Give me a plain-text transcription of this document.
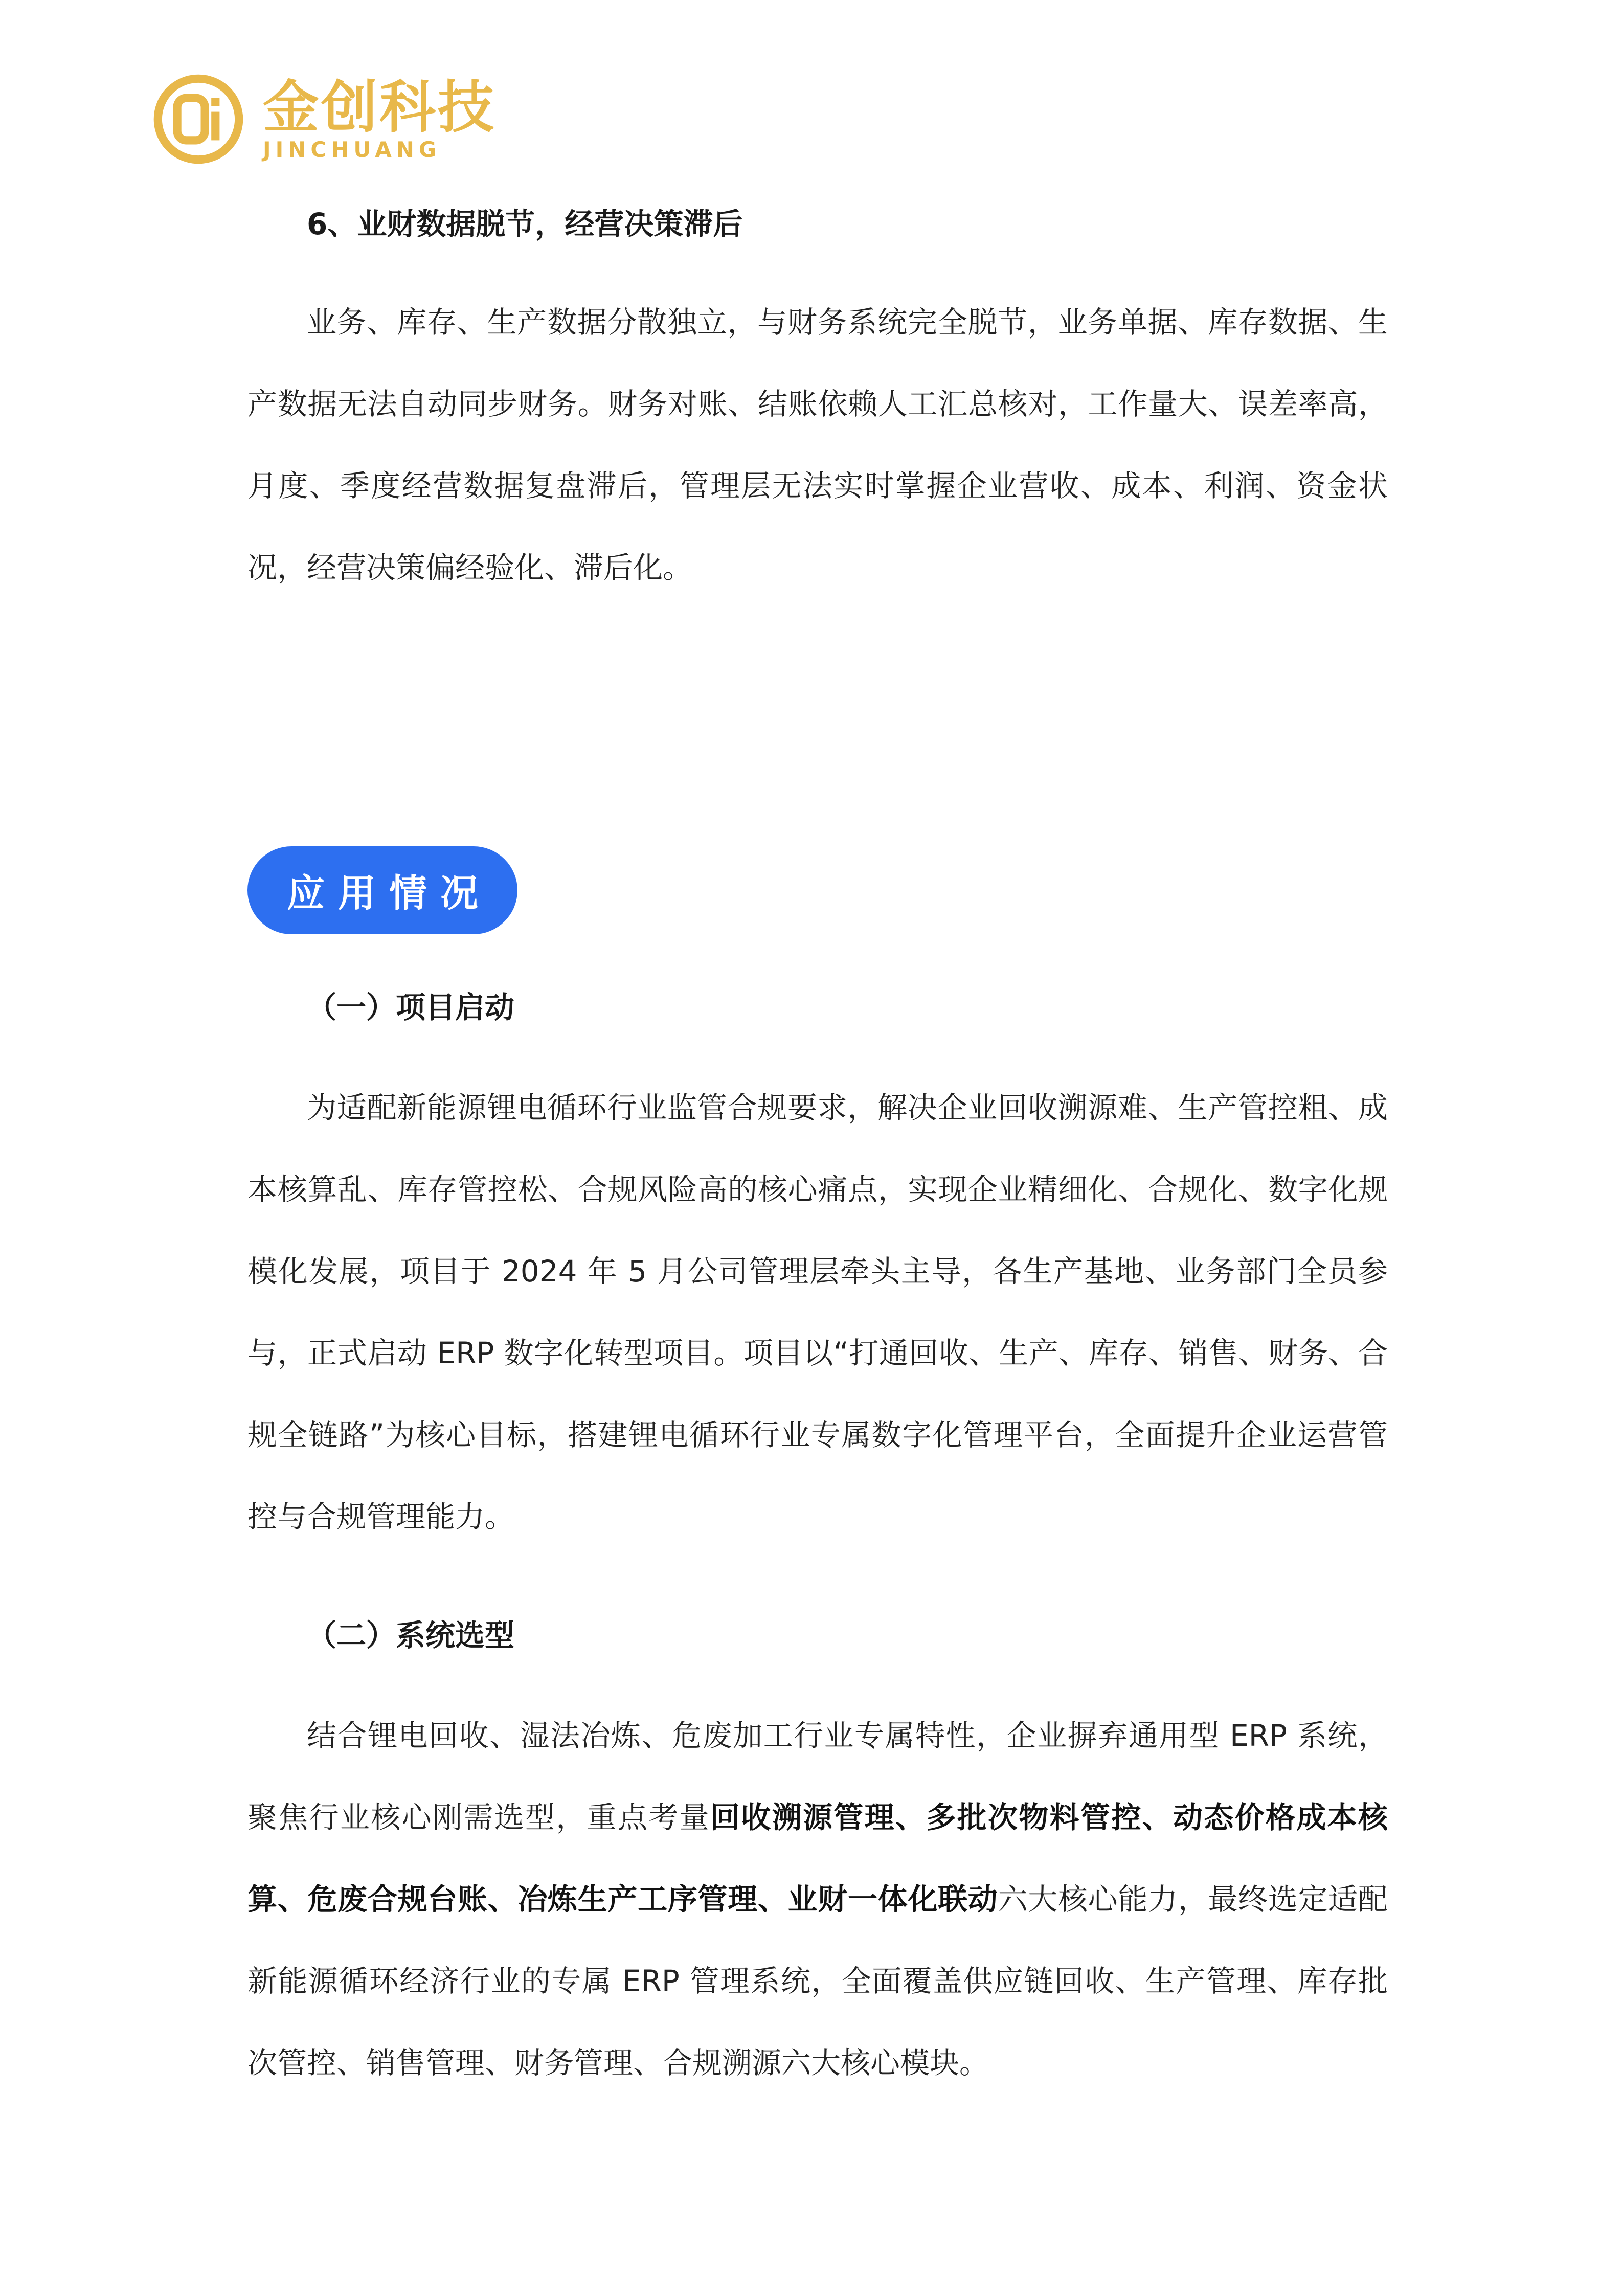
金创科技
JINCHUANG
6、业财数据脱节，经营决策滞后
业务、库存、生产数据分散独立，与财务系统完全脱节，业务单据、库存数据、生产数据无法自动同步财务。财务对账、结账依赖人工汇总核对，工作量大、误差率高，月度、季度经营数据复盘滞后，管理层无法实时掌握企业营收、成本、利润、资金状况，经营决策偏经验化、滞后化。
应用情况
（一）项目启动
为适配新能源锂电循环行业监管合规要求，解决企业回收溯源难、生产管控粗、成本核算乱、库存管控松、合规风险高的核心痛点，实现企业精细化、合规化、数字化规模化发展，项目于 2024 年 5 月公司管理层牵头主导，各生产基地、业务部门全员参与，正式启动 ERP 数字化转型项目。项目以“打通回收、生产、库存、销售、财务、合规全链路”为核心目标，搭建锂电循环行业专属数字化管理平台，全面提升企业运营管控与合规管理能力。
（二）系统选型
结合锂电回收、湿法冶炼、危废加工行业专属特性，企业摒弃通用型 ERP 系统，聚焦行业核心刚需选型，重点考量回收溯源管理、多批次物料管控、动态价格成本核算、危废合规台账、冶炼生产工序管理、业财一体化联动六大核心能力，最终选定适配新能源循环经济行业的专属 ERP 管理系统，全面覆盖供应链回收、生产管理、库存批次管控、销售管理、财务管理、合规溯源六大核心模块。
